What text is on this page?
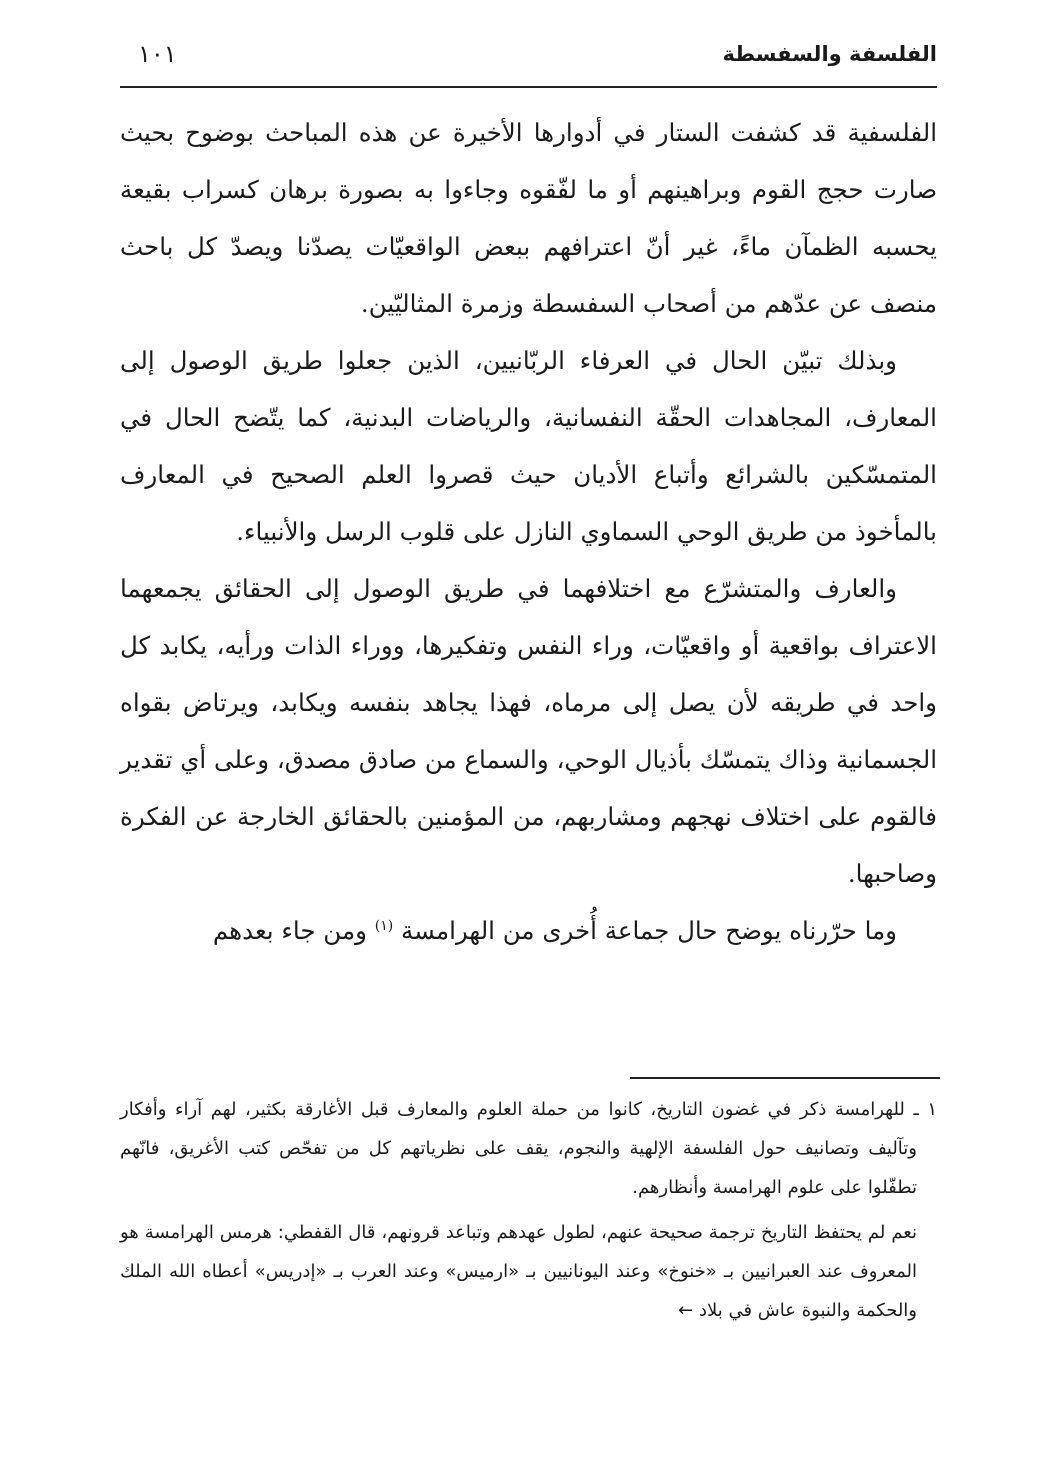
الفلسفة والسفسطة
١٠١

الفلسفية قد كشفت الستار في أدوارها الأخيرة عن هذه المباحث بوضوح بحيث صارت حجج القوم وبراهينهم أو ما لفّقوه وجاءوا به بصورة برهان كسراب بقيعة يحسبه الظمآن ماءً، غير أنّ اعترافهم ببعض الواقعيّات يصدّنا ويصدّ كل باحث منصف عن عدّهم من أصحاب السفسطة وزمرة المثاليّين.

وبذلك تبيّن الحال في العرفاء الربّانيين، الذين جعلوا طريق الوصول إلى المعارف، المجاهدات الحقّة النفسانية، والرياضات البدنية، كما يتّضح الحال في المتمسّكين بالشرائع وأتباع الأديان حيث قصروا العلم الصحيح في المعارف بالمأخوذ من طريق الوحي السماوي النازل على قلوب الرسل والأنبياء.

والعارف والمتشرّع مع اختلافهما في طريق الوصول إلى الحقائق يجمعهما الاعتراف بواقعية أو واقعيّات، وراء النفس وتفكيرها، ووراء الذات ورأيه، يكابد كل واحد في طريقه لأن يصل إلى مرماه، فهذا يجاهد بنفسه ويكابد، ويرتاض بقواه الجسمانية وذاك يتمسّك بأذيال الوحي، والسماع من صادق مصدق، وعلى أي تقدير فالقوم على اختلاف نهجهم ومشاربهم، من المؤمنين بالحقائق الخارجة عن الفكرة وصاحبها.

وما حرّرناه يوضح حال جماعة أُخرى من الهرامسة $^{(١)}$ ومن جاء بعدهم

١ ـ للهرامسة ذكر في غضون التاريخ، كانوا من حملة العلوم والمعارف قبل الأغارقة بكثير، لهم آراء وأفكار وتآليف وتصانيف حول الفلسفة الإلهية والنجوم، يقف على نظرياتهم كل من تفحّص كتب الأغريق، فانّهم تطفّلوا على علوم الهرامسة وأنظارهم.

نعم لم يحتفظ التاريخ ترجمة صحيحة عنهم، لطول عهدهم وتباعد قرونهم، قال القفطي: هرمس الهرامسة هو المعروف عند العبرانيين بـ «خنوخ» وعند اليونانيين بـ «ارميس» وعند العرب بـ «إدريس» أعطاه الله الملك والحكمة والنبوة عاش في بلاد ←
